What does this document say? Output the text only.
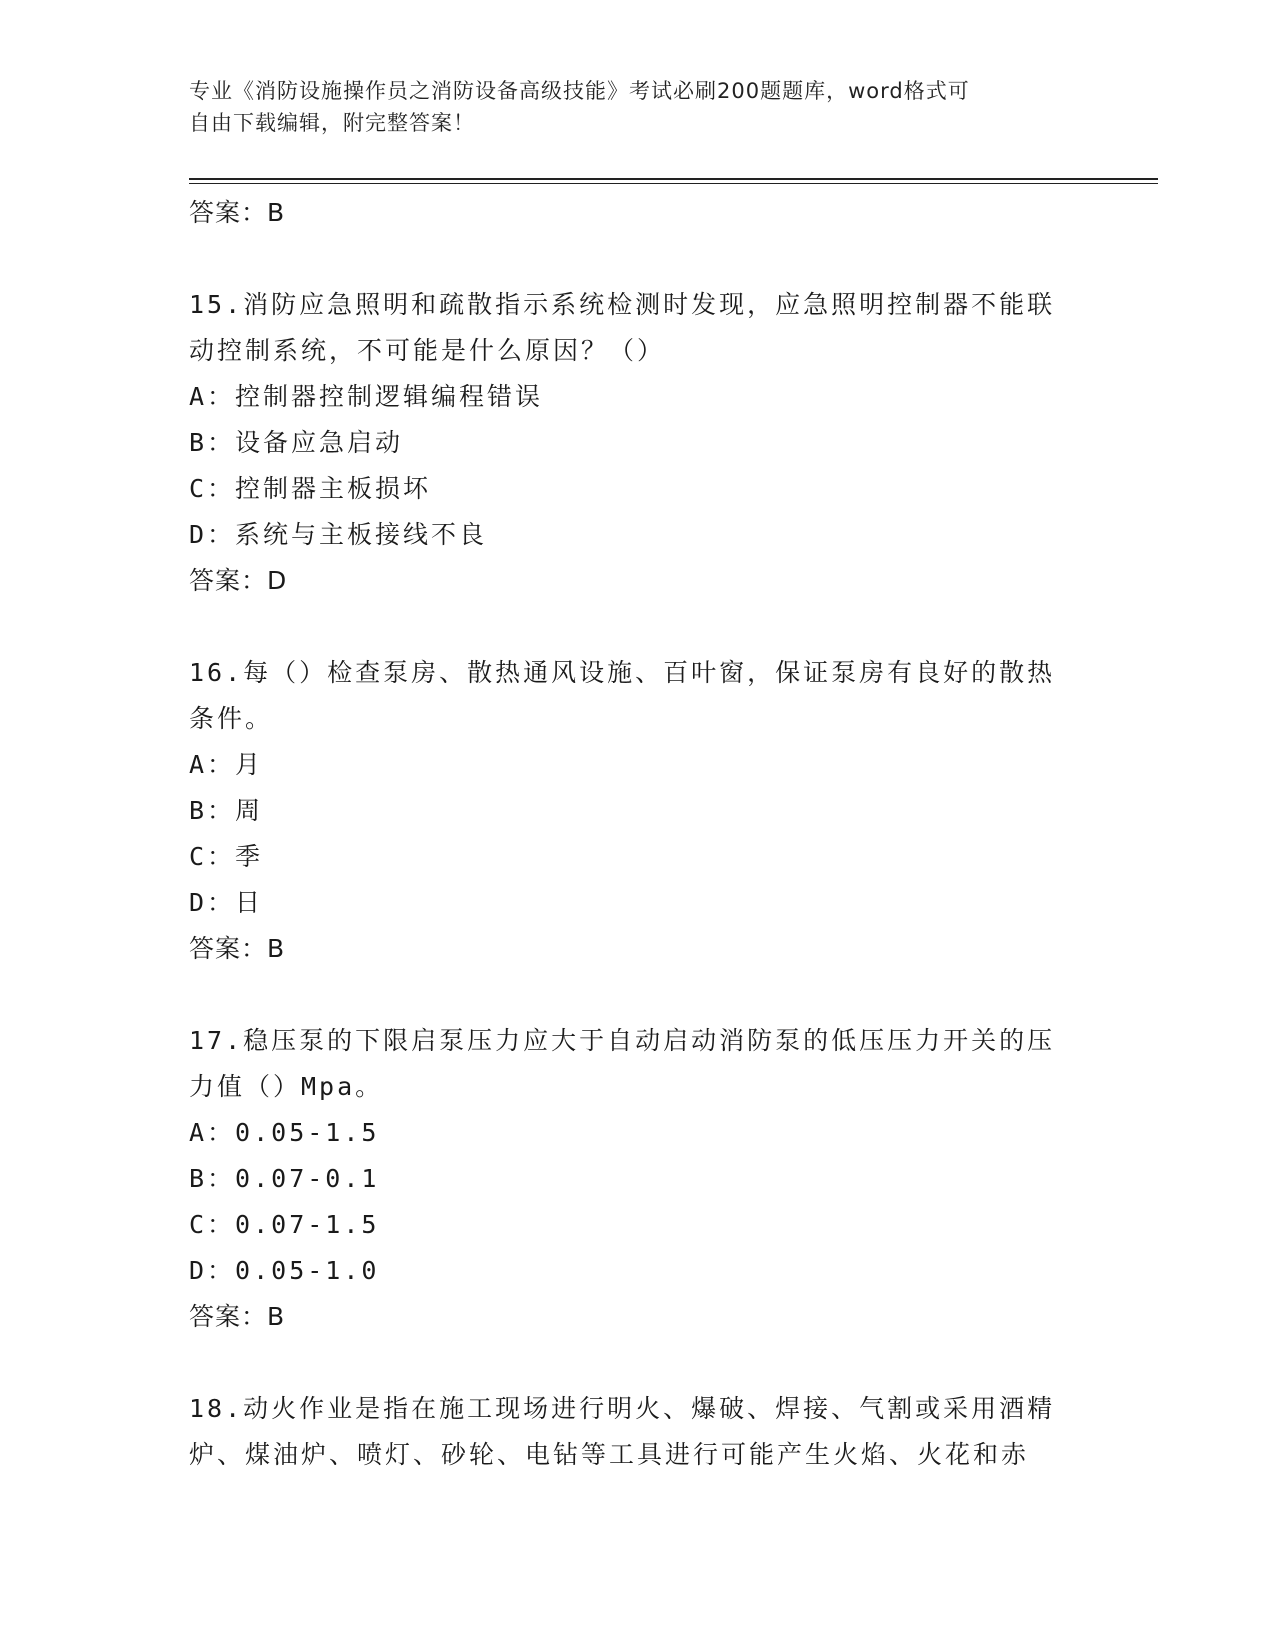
专业《消防设施操作员之消防设备高级技能》考试必刷200题题库，word格式可
自由下载编辑，附完整答案！
答案：B
15.消防应急照明和疏散指示系统检测时发现，应急照明控制器不能联动控制系统，不可能是什么原因？（）
A：控制器控制逻辑编程错误
B：设备应急启动
C：控制器主板损坏
D：系统与主板接线不良
答案：D
16.每（）检查泵房、散热通风设施、百叶窗，保证泵房有良好的散热条件。
A：月
B：周
C：季
D：日
答案：B
17.稳压泵的下限启泵压力应大于自动启动消防泵的低压压力开关的压力值（）Mpa。
A：0.05-1.5
B：0.07-0.1
C：0.07-1.5
D：0.05-1.0
答案：B
18.动火作业是指在施工现场进行明火、爆破、焊接、气割或采用酒精炉、煤油炉、喷灯、砂轮、电钻等工具进行可能产生火焰、火花和赤
